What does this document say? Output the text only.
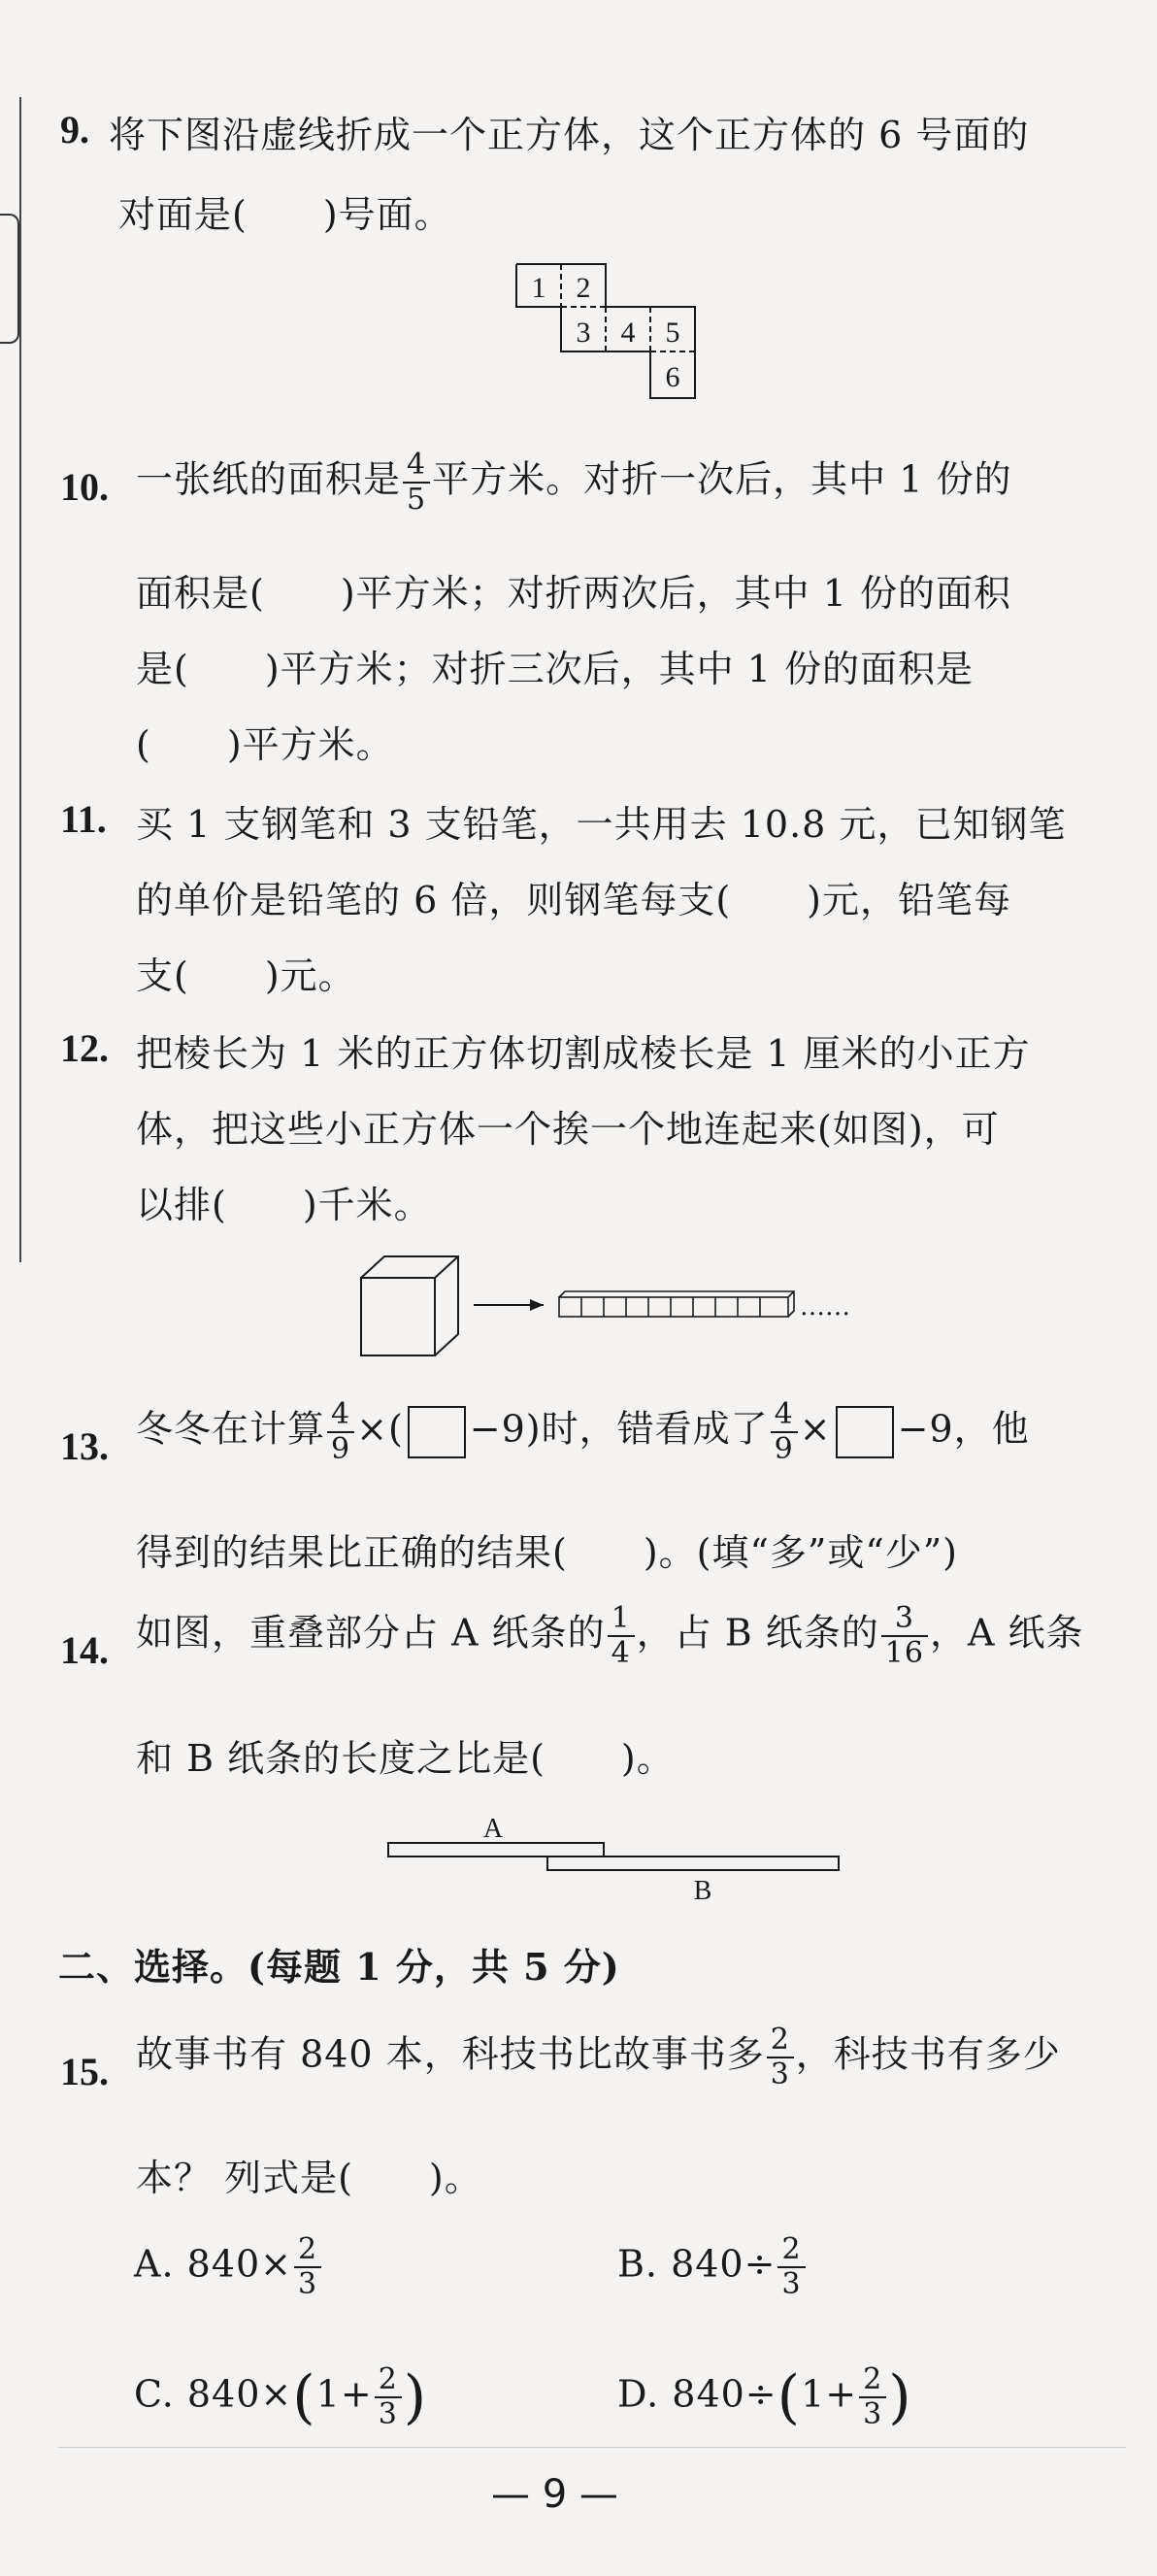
9. 将下图沿虚线折成一个正方体，这个正方体的 6 号面的
对面是(　　)号面。
1 2
3 4 5
6
10. 一张纸的面积是 $\frac{4}{5}$ 平方米。对折一次后，其中 1 份的
面积是(　　)平方米；对折两次后，其中 1 份的面积
是(　　)平方米；对折三次后，其中 1 份的面积是
(　　)平方米。
11. 买 1 支钢笔和 3 支铅笔，一共用去 10.8 元，已知钢笔
的单价是铅笔的 6 倍，则钢笔每支(　　)元，铅笔每
支(　　)元。
12. 把棱长为 1 米的正方体切割成棱长是 1 厘米的小正方
体，把这些小正方体一个挨一个地连起来(如图)，可
以排(　　)千米。
……
13. 冬冬在计算 $\frac{4}{9}$ ×( −9)时，错看成了 $\frac{4}{9} \times -9$，他
得到的结果比正确的结果(　　)。(填“多”或“少”)
14. 如图，重叠部分占 A 纸条的 $\frac{1}{4}$ ，占 B 纸条的 $\frac{3}{16}$ ，A 纸条
和 B 纸条的长度之比是(　　)。
A
B
二、选择。(每题 1 分，共 5 分)
15. 故事书有 840 本，科技书比故事书多 $\frac{2}{3}$ ，科技书有多少
本？ 列式是(　　)。
A. $840\times \frac{2}{3}$	B. $840\div \frac{2}{3}$
C. $840\times(1+ \frac{2}{3}$ )	D. $840\div(1+ \frac{2}{3}$ )
— 9 —
